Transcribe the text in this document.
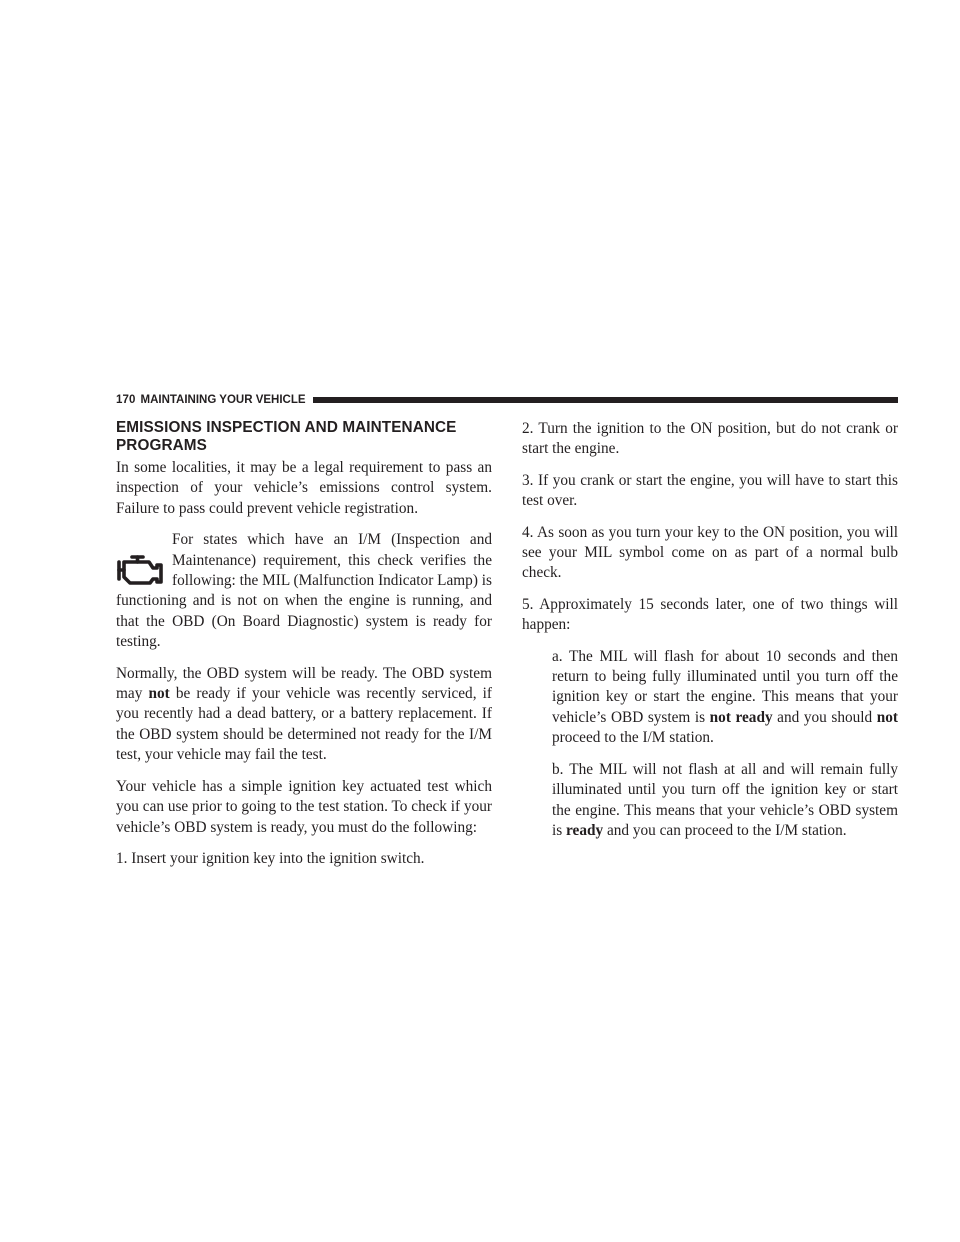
170 MAINTAINING YOUR VEHICLE
EMISSIONS INSPECTION AND MAINTENANCE PROGRAMS

In some localities, it may be a legal requirement to pass an inspection of your vehicle’s emissions control system. Failure to pass could prevent vehicle registration.

For states which have an I/M (Inspection and Maintenance) requirement, this check verifies the following: the MIL (Malfunction Indicator Lamp) is functioning and is not on when the engine is running, and that the OBD (On Board Diagnostic) system is ready for testing.

Normally, the OBD system will be ready. The OBD system may not be ready if your vehicle was recently serviced, if you recently had a dead battery, or a battery replacement. If the OBD system should be determined not ready for the I/M test, your vehicle may fail the test.

Your vehicle has a simple ignition key actuated test which you can use prior to going to the test station. To check if your vehicle’s OBD system is ready, you must do the following:

1. Insert your ignition key into the ignition switch.

2. Turn the ignition to the ON position, but do not crank or start the engine.

3. If you crank or start the engine, you will have to start this test over.

4. As soon as you turn your key to the ON position, you will see your MIL symbol come on as part of a normal bulb check.

5. Approximately 15 seconds later, one of two things will happen:

a. The MIL will flash for about 10 seconds and then return to being fully illuminated until you turn off the ignition key or start the engine. This means that your vehicle’s OBD system is not ready and you should not proceed to the I/M station.

b. The MIL will not flash at all and will remain fully illuminated until you turn off the ignition key or start the engine. This means that your vehicle’s OBD system is ready and you can proceed to the I/M station.
